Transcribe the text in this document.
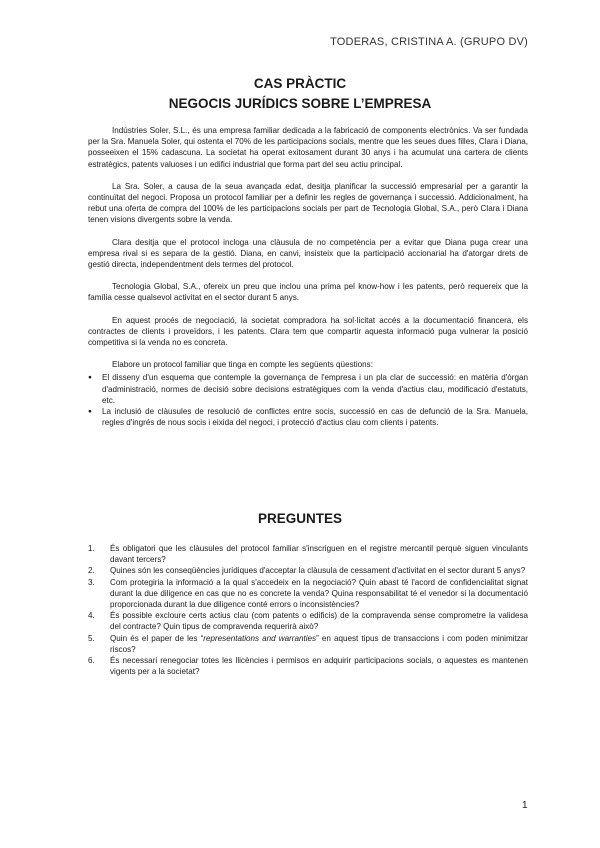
TODERAS, CRISTINA A. (GRUPO DV)
CAS PRÀCTIC
NEGOCIS JURÍDICS SOBRE L’EMPRESA

Indústries Soler, S.L., és una empresa familiar dedicada a la fabricació de components electrònics. Va ser fundada per la Sra. Manuela Soler, qui ostenta el 70% de les participacions socials, mentre que les seues dues filles, Clara i Diana, posseeixen el 15% cadascuna. La societat ha operat exitosament durant 30 anys i ha acumulat una cartera de clients estratègics, patents valuoses i un edifici industrial que forma part del seu actiu principal.

La Sra. Soler, a causa de la seua avançada edat, desitja planificar la successió empresarial per a garantir la continuïtat del negoci. Proposa un protocol familiar per a definir les regles de governança i successió. Addicionalment, ha rebut una oferta de compra del 100% de les participacions socials per part de Tecnologia Global, S.A., però Clara i Diana tenen visions divergents sobre la venda.

Clara desitja que el protocol incloga una clàusula de no competència per a evitar que Diana puga crear una empresa rival si es separa de la gestió. Diana, en canvi, insisteix que la participació accionarial ha d'atorgar drets de gestió directa, independentment dels termes del protocol.

Tecnologia Global, S.A., ofereix un preu que inclou una prima pel know-how i les patents, però requereix que la família cesse qualsevol activitat en el sector durant 5 anys.

En aquest procés de negociació, la societat compradora ha sol·licitat accés a la documentació financera, els contractes de clients i proveïdors, i les patents. Clara tem que compartir aquesta informació puga vulnerar la posició competitiva si la venda no es concreta.

Elabore un protocol familiar que tinga en compte les següents qüestions:

● El disseny d'un esquema que contemple la governança de l'empresa i un pla clar de successió: en matèria d'òrgan d'administració, normes de decisió sobre decisions estratègiques com la venda d'actius clau, modificació d'estatuts, etc.
● La inclusió de clàusules de resolució de conflictes entre socis, successió en cas de defunció de la Sra. Manuela, regles d'ingrés de nous socis i eixida del negoci, i protecció d'actius clau com clients i patents.
PREGUNTES
1. És obligatori que les clàusules del protocol familiar s'inscriguen en el registre mercantil perquè siguen vinculants davant tercers?
2. Quines són les conseqüències jurídiques d'acceptar la clàusula de cessament d'activitat en el sector durant 5 anys?
3. Com protegiria la informació a la qual s'accedeix en la negociació? Quin abast té l'acord de confidencialitat signat durant la due diligence en cas que no es concrete la venda? Quina responsabilitat té el venedor si la documentació proporcionada durant la due diligence conté errors o inconsistències?
4. És possible excloure certs actius clau (com patents o edificis) de la compravenda sense comprometre la validesa del contracte? Quin tipus de compravenda requerirà això?
5. Quin és el paper de les “representations and warranties” en aquest tipus de transaccions i com poden minimitzar riscos?
6. És necessari renegociar totes les llicències i permisos en adquirir participacions socials, o aquestes es mantenen vigents per a la societat?
1
